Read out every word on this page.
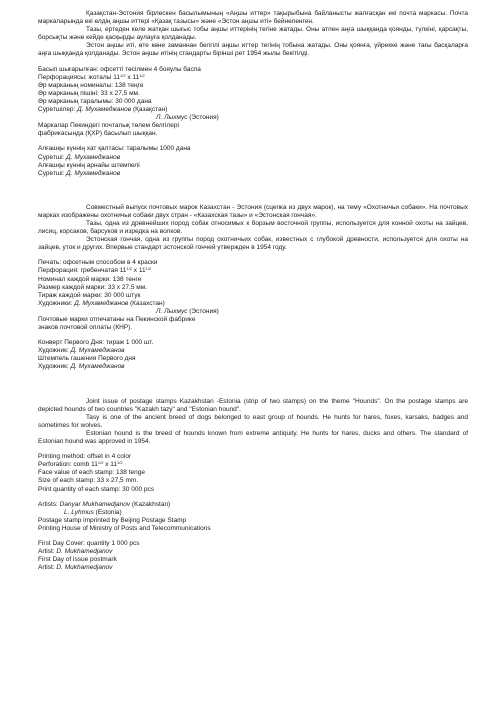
Қазақстан-Эстония бірлескен басылымының «Аңшы иттер» тақырыбына байланысты жалғасқан екі почта маркасы. Почта маркаларында екі елдің аңшы иттері «Қазақ тазысы» және «Эстон аңшы иті» бейнеленген.

Тазы, ертеден келе жатқан шығыс тобы аңшы иттерінің тегіне жатады. Оны атпен аңға шыққанда қоянды, түлкіні, қарсақты, борсықты және кейде қасқырды аулауға қолданады.

Эстон аңшы иті, өте көне заманнан белгілі аңшы иттер тегінің тобына жатады. Оны қоянға, үйрекке және тағы басқаларға аңға шыққанда қолданады. Эстон аңшы итінің стандарты бірінші рет 1954 жылы бекітілді.

Басып шығарылған: офсетті төсілмен 4 бояулы баспа

Перфорациясы: жотальі $11^{1/2}$ x $11^{1/2}$

Әр марканың номиналы: 138 теңге

Әр марканың пішіні: 33 х 27,5 мм.

Әр марканың таралымы: 30 000 дана

Суретшілер: Д. Мухамеджанов (Қазақстан)

Л. Лыхмус (Эстония)

Маркалар Пекиндегі почталық төлем белгілері

фабрикасында (ҚХР) басылып шыққан.

Алғашқы күннің хат қалтасы: таралымы 1000 дана

Суретші: Д. Мухамеджанов

Алғашқы күннің арнайы штемпелі

Суретші: Д. Мухамеджанов

Совместный выпуск почтовых марок Казахстан - Эстония (сцепка из двух марок), на тему «Охотничьи собаки». На почтовых марках изображены охотничьи собаки двух стран - «Казахская тазы» и «Эстонская гончая».

Тазы, одна из древнейших пород собак относимых к борзым восточной группы, используется для конной охоты на зайцев, лисиц, корсаков, барсуков и изредка на волков.

Эстонская гончая, одна из группы пород охотничьих собак, известных с глубокой древности, используется для охоты на зайцев, уток и других. Впервые стандарт эстонской гончей утвержден в 1954 году.

Печать: офсетным способом в 4 краски

Перфорация: гребенчатая $11^{1/2}$ x $11^{1/2}$

Номинал каждой марки: 138 тенге

Размер каждой марки: 33 х 27,5 мм.

Тираж каждой марки: 30 000 штук

Художники: Д. Мухамеджанов (Казахстан)

Л. Лыхмус (Эстония)

Почтовые марки отпечатаны на Пекинской фабрике

знаков почтовой оплаты (КНР).

Конверт Первого Дня: тираж 1 000 шт.

Художник: Д. Мухамеджанов

Штемпель гашения Первого дня

Художник: Д. Мухамеджанов

Joint issue of postage stamps Kazakhstan -Estonia (strip of two stamps) on the theme "Hounds". On the postage stamps are depicted hounds of two countries "Kazakh tazy" and "Estonian hound".

Tasy is one of the ancient breed of dogs belonged to east group of hounds. He hunts for hares, foxes, karsaks, badges and sometimes for wolves.

Estonian hound is the breed of hounds known from extreme antiquity. He hunts for hares, ducks and others. The standard of Estonian hound was approved in 1954.

Printing method: offset in 4 color

Perforation: comb $11^{1/2}$ x $11^{1/2}$

Face value of each stamp: 138 tenge

Size of each stamp: 33 x 27,5 mm.

Print quantity of each stamp: 30 000 pcs

Artists: Danyar Mukhamedjanov (Kazakhstan)

L. Lyhmus (Estonia)

Postage stamp imprinted by Beijing Postage Stamp

Printing House of Ministry of Posts and Telecommunications

First Day Cover: quantity 1 000 pcs

Artist: D. Mukhamedjanov

First Day of issue postmark

Artist: D. Mukhamedjanov
